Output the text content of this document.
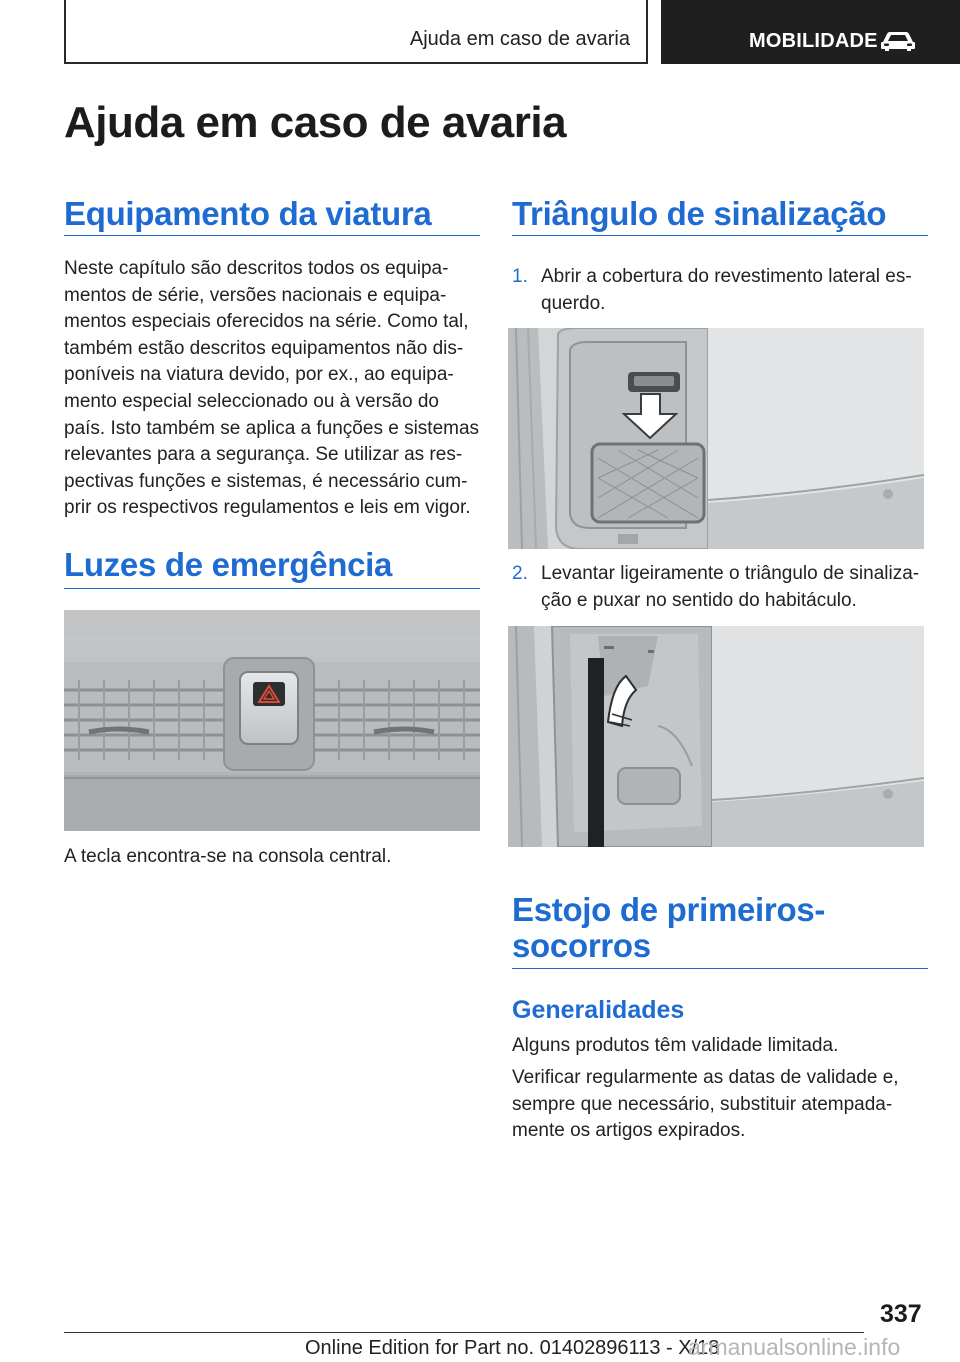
Ajuda em caso de avaria	MOBILIDADE
Ajuda em caso de avaria
Equipamento da viatura
Neste capítulo são descritos todos os equipa‐
mentos de série, versões nacionais e equipa‐
mentos especiais oferecidos na série. Como tal,
também estão descritos equipamentos não dis‐
poníveis na viatura devido, por ex., ao equipa‐
mento especial seleccionado ou à versão do
país. Isto também se aplica a funções e sistemas
relevantes para a segurança. Se utilizar as res‐
pectivas funções e sistemas, é necessário cum‐
prir os respectivos regulamentos e leis em vigor.
Luzes de emergência
A tecla encontra-se na consola central.
Triângulo de sinalização
1. Abrir a cobertura do revestimento lateral es‐
querdo.
2. Levantar ligeiramente o triângulo de sinaliza‐
ção e puxar no sentido do habitáculo.
Estojo de primeiros-
socorros
Generalidades
Alguns produtos têm validade limitada.
Verificar regularmente as datas de validade e,
sempre que necessário, substituir atempada‐
mente os artigos expirados.
337
Online Edition for Part no. 01402896113 - X/18
armanualsonline.info
